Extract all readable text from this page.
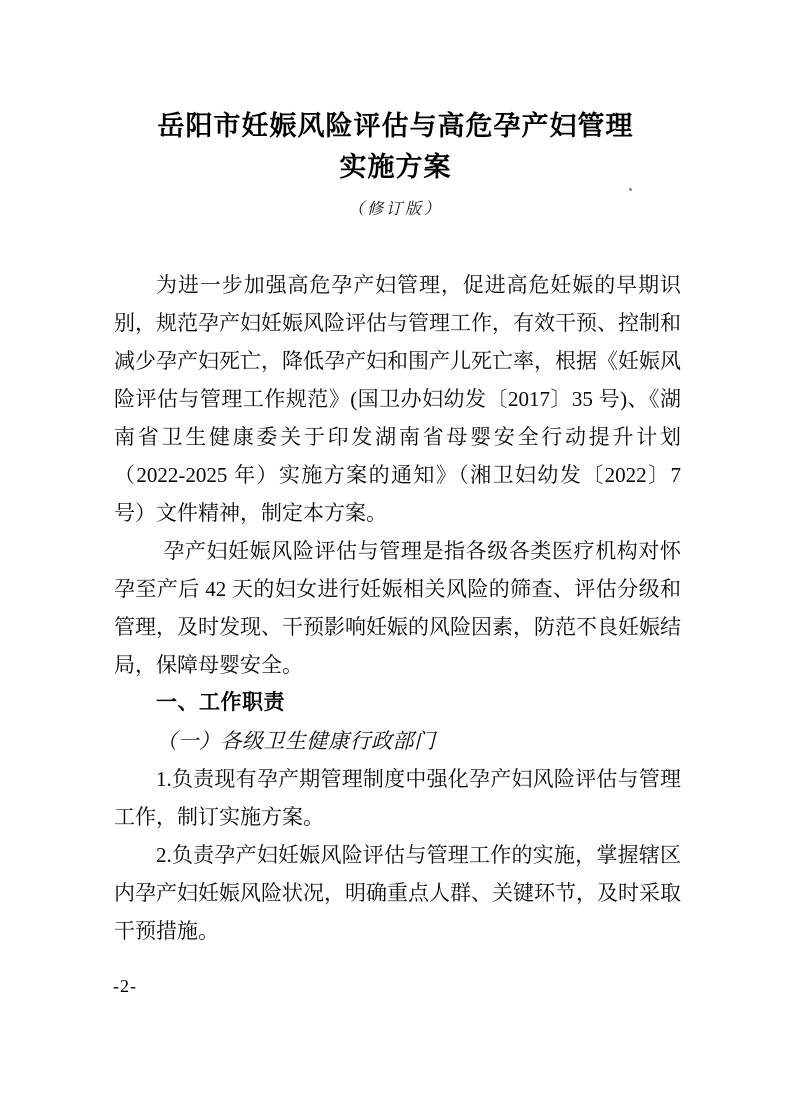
岳阳市妊娠风险评估与高危孕产妇管理
实施方案
（修订版）

为进一步加强高危孕产妇管理，促进高危妊娠的早期识别，规范孕产妇妊娠风险评估与管理工作，有效干预、控制和减少孕产妇死亡，降低孕产妇和围产儿死亡率，根据《妊娠风险评估与管理工作规范》(国卫办妇幼发〔2017〕35 号)、《湖南省卫生健康委关于印发湖南省母婴安全行动提升计划（2022-2025 年）实施方案的通知》（湘卫妇幼发〔2022〕7 号）文件精神，制定本方案。

孕产妇妊娠风险评估与管理是指各级各类医疗机构对怀孕至产后 42 天的妇女进行妊娠相关风险的筛查、评估分级和管理，及时发现、干预影响妊娠的风险因素，防范不良妊娠结局，保障母婴安全。

一、工作职责

（一）各级卫生健康行政部门

1.负责现有孕产期管理制度中强化孕产妇风险评估与管理工作，制订实施方案。

2.负责孕产妇妊娠风险评估与管理工作的实施，掌握辖区内孕产妇妊娠风险状况，明确重点人群、关键环节，及时采取干预措施。

-2-
